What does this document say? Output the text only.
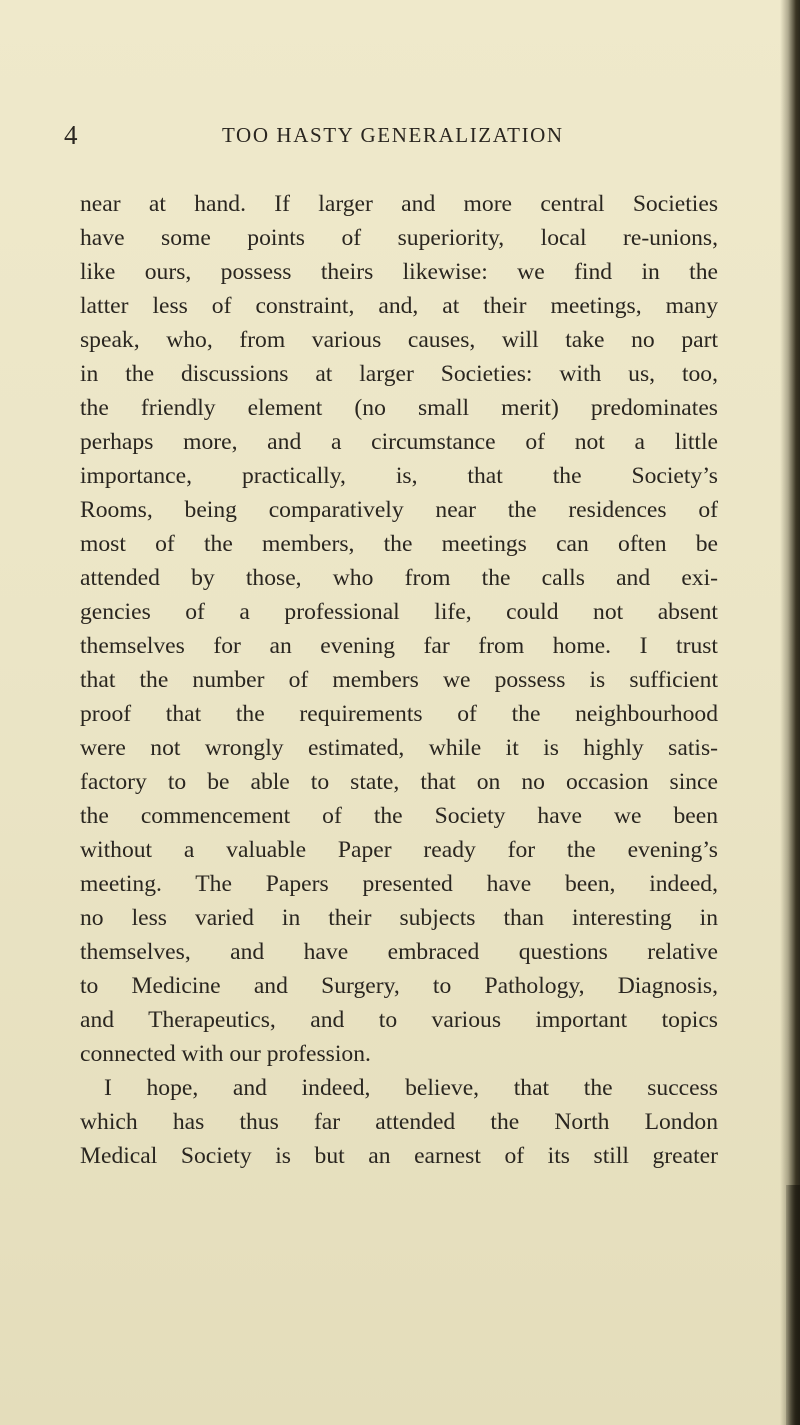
4	TOO HASTY GENERALIZATION
near at hand. If larger and more central Societies
have some points of superiority, local re-unions,
like ours, possess theirs likewise: we find in the
latter less of constraint, and, at their meetings, many
speak, who, from various causes, will take no part
in the discussions at larger Societies: with us, too,
the friendly element (no small merit) predominates
perhaps more, and a circumstance of not a little
importance, practically, is, that the Society’s
Rooms, being comparatively near the residences of
most of the members, the meetings can often be
attended by those, who from the calls and exi-
gencies of a professional life, could not absent
themselves for an evening far from home. I trust
that the number of members we possess is sufficient
proof that the requirements of the neighbourhood
were not wrongly estimated, while it is highly satis-
factory to be able to state, that on no occasion since
the commencement of the Society have we been
without a valuable Paper ready for the evening’s
meeting. The Papers presented have been, indeed,
no less varied in their subjects than interesting in
themselves, and have embraced questions relative
to Medicine and Surgery, to Pathology, Diagnosis,
and Therapeutics, and to various important topics
connected with our profession.
I hope, and indeed, believe, that the success
which has thus far attended the North London
Medical Society is but an earnest of its still greater
